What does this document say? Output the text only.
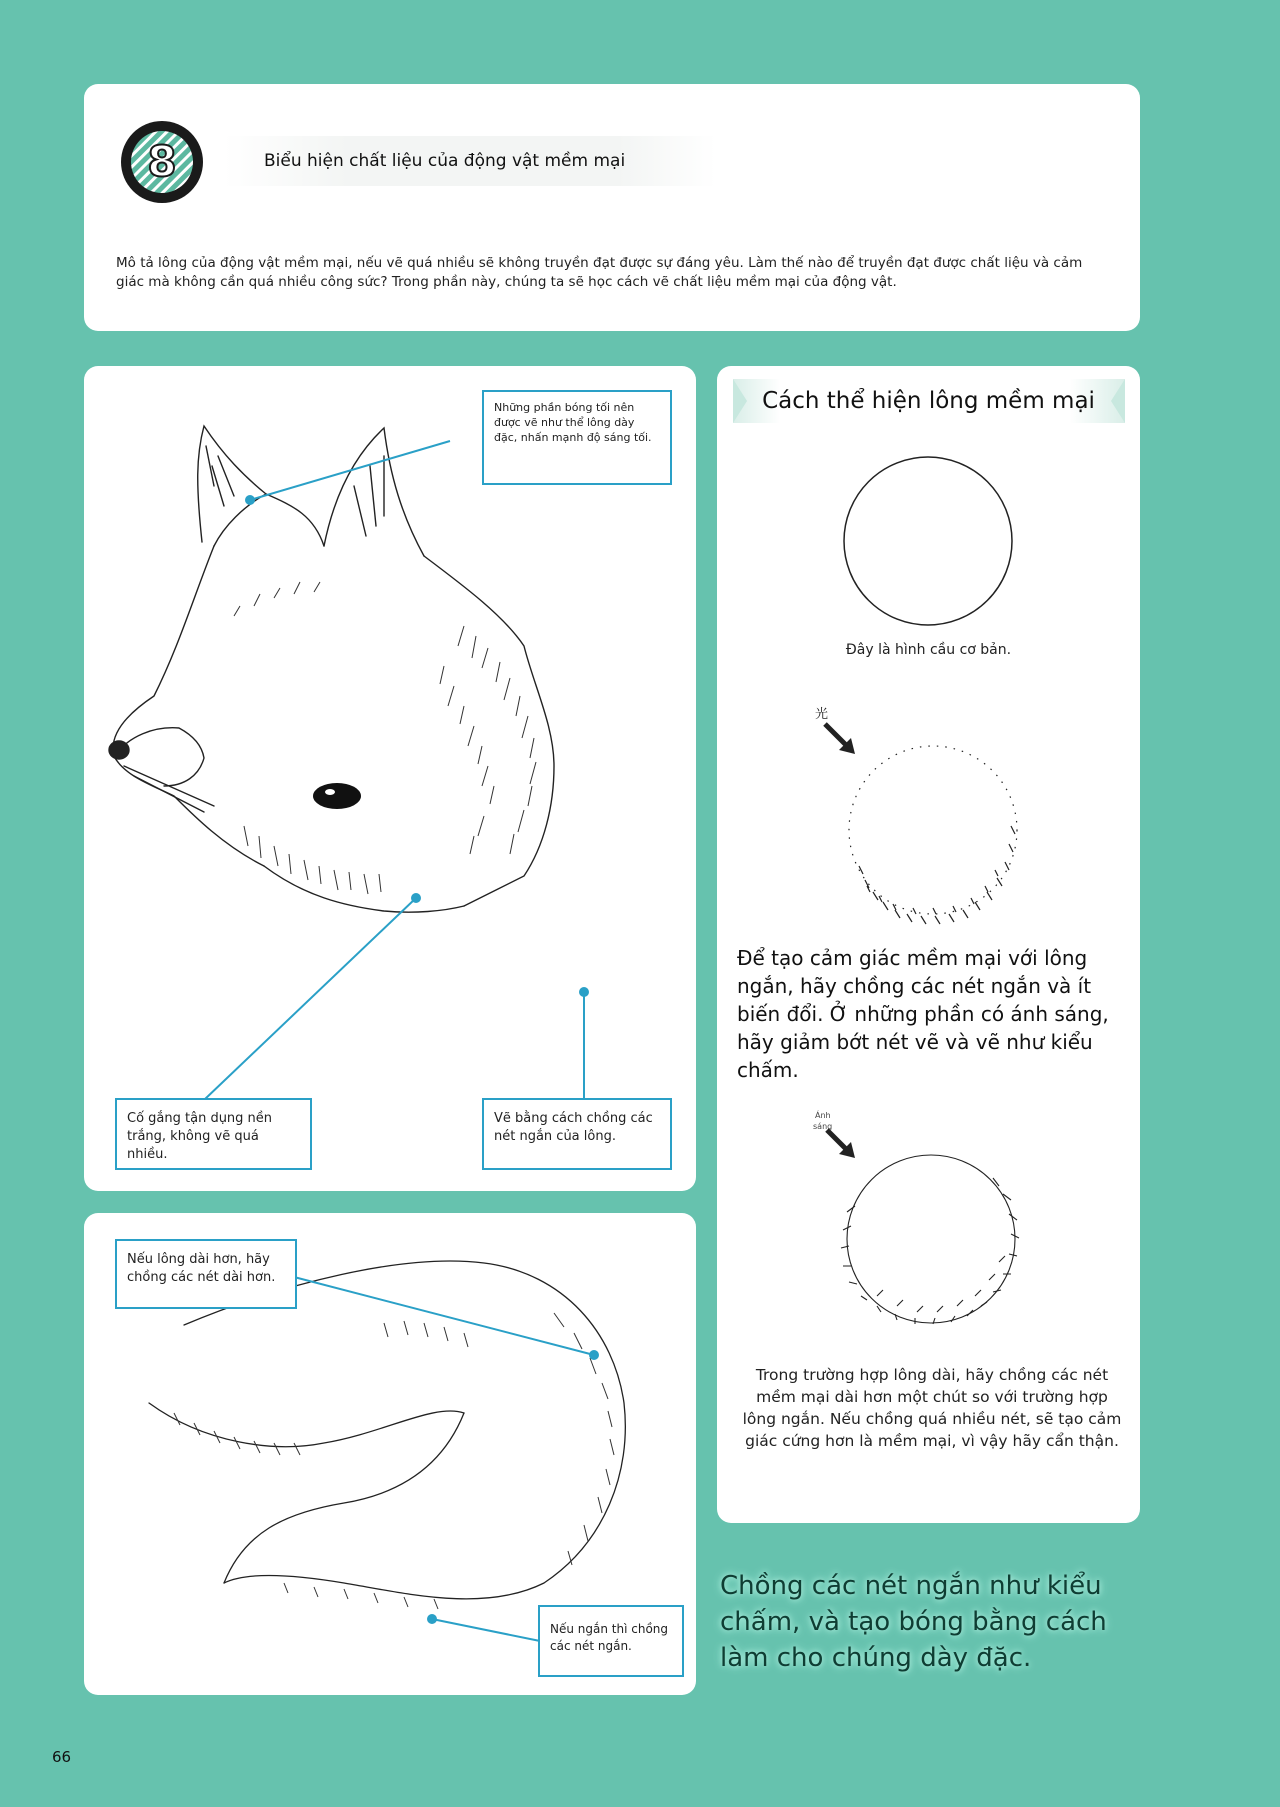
8	Biểu hiện chất liệu của động vật mềm mại
Mô tả lông của động vật mềm mại, nếu vẽ quá nhiều sẽ không truyền đạt được sự đáng yêu. Làm thế nào để truyền đạt được chất liệu và cảm giác mà không cần quá nhiều công sức? Trong phần này, chúng ta sẽ học cách vẽ chất liệu mềm mại của động vật.
Những phần bóng tối nên được vẽ như thể lông dày đặc, nhấn mạnh độ sáng tối.
Cố gắng tận dụng nền trắng, không vẽ quá nhiều.
Vẽ bằng cách chồng các nét ngắn của lông.
Nếu lông dài hơn, hãy chồng các nét dài hơn.
Nếu ngắn thì chồng các nét ngắn.
Cách thể hiện lông mềm mại
光
Ánh
sáng
Đây là hình cầu cơ bản.
Để tạo cảm giác mềm mại với lông ngắn, hãy chồng các nét ngắn và ít biến đổi. Ở những phần có ánh sáng, hãy giảm bớt nét vẽ và vẽ như kiểu chấm.
Trong trường hợp lông dài, hãy chồng các nét mềm mại dài hơn một chút so với trường hợp lông ngắn. Nếu chồng quá nhiều nét, sẽ tạo cảm giác cứng hơn là mềm mại, vì vậy hãy cẩn thận.
Chồng các nét ngắn như kiểu chấm, và tạo bóng bằng cách làm cho chúng dày đặc.
66
